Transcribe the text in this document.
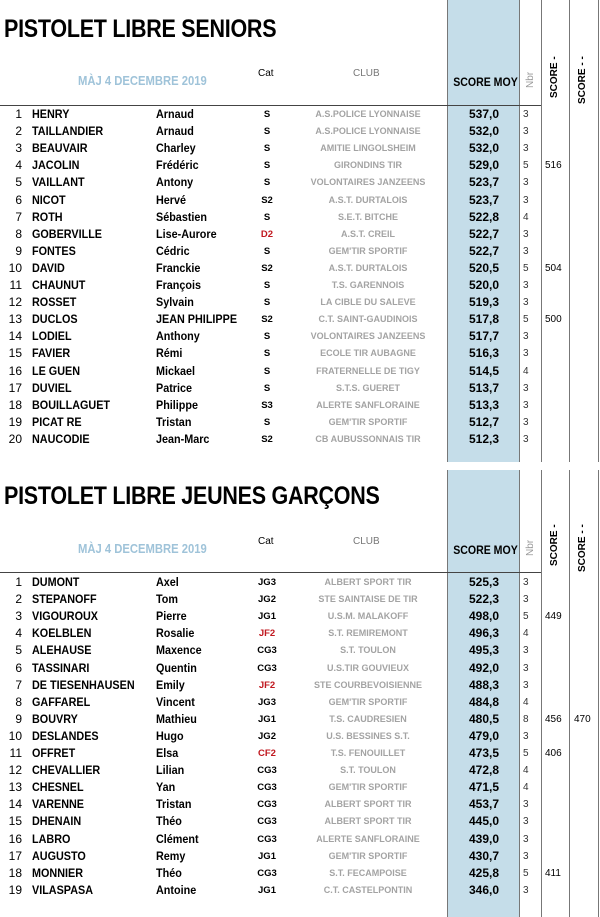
PISTOLET LIBRE SENIORS
MÀJ 4 DECEMBRE 2019
Cat	CLUB
SCORE MOY Nbr SCORE - SCORE - -
1 HENRY	Arnaud	S	A.S.POLICE LYONNAISE	537,0	3
2 TAILLANDIER	Arnaud	S	A.S.POLICE LYONNAISE	532,0	3
3 BEAUVAIR	Charley	S	AMITIE LINGOLSHEIM	532,0	3
4 JACOLIN	Frédéric	S	GIRONDINS TIR	529,0	5 516
5 VAILLANT	Antony	S	VOLONTAIRES JANZEENS	523,7	3
6 NICOT	Hervé	S2	A.S.T. DURTALOIS	523,7	3
7 ROTH	Sébastien	S	S.E.T. BITCHE	522,8	4
8 GOBERVILLE	Lise-Aurore	D2	A.S.T. CREIL	522,7	3
9 FONTES	Cédric	S	GEM'TIR SPORTIF	522,7	3
10 DAVID	Franckie	S2	A.S.T. DURTALOIS	520,5	5 504
11 CHAUNUT	François	S	T.S. GARENNOIS	520,0	3
12 ROSSET	Sylvain	S	LA CIBLE DU SALEVE	519,3	3
13 DUCLOS	JEAN PHILIPPE	S2	C.T. SAINT-GAUDINOIS	517,8	5 500
14 LODIEL	Anthony	S	VOLONTAIRES JANZEENS	517,7	3
15 FAVIER	Rémi	S	ECOLE TIR AUBAGNE	516,3	3
16 LE GUEN	Mickael	S	FRATERNELLE DE TIGY	514,5	4
17 DUVIEL	Patrice	S	S.T.S. GUERET	513,7	3
18 BOUILLAGUET	Philippe	S3	ALERTE SANFLORAINE	513,3	3
19 PICAT RE	Tristan	S	GEM'TIR SPORTIF	512,7	3
20 NAUCODIE	Jean-Marc	S2	CB AUBUSSONNAIS TIR	512,3	3
PISTOLET LIBRE JEUNES GARÇONS
MÀJ 4 DECEMBRE 2019
Cat	CLUB
SCORE MOY Nbr SCORE - SCORE - -
1 DUMONT	Axel	JG3	ALBERT SPORT TIR	525,3	3
2 STEPANOFF	Tom	JG2	STE SAINTAISE DE TIR	522,3	3
3 VIGOUROUX	Pierre	JG1	U.S.M. MALAKOFF	498,0	5 449
4 KOELBLEN	Rosalie	JF2	S.T. REMIREMONT	496,3	4
5 ALEHAUSE	Maxence	CG3	S.T. TOULON	495,3	3
6 TASSINARI	Quentin	CG3	U.S.TIR GOUVIEUX	492,0	3
7 DE TIESENHAUSEN Emily	JF2	STE COURBEVOISIENNE	488,3	3
8 GAFFAREL	Vincent	JG3	GEM'TIR SPORTIF	484,8	4
9 BOUVRY	Mathieu	JG1	T.S. CAUDRESIEN	480,5	8 456 470
10 DESLANDES	Hugo	JG2	U.S. BESSINES S.T.	479,0	3
11 OFFRET	Elsa	CF2	T.S. FENOUILLET	473,5	5 406
12 CHEVALLIER	Lilian	CG3	S.T. TOULON	472,8	4
13 CHESNEL	Yan	CG3	GEM'TIR SPORTIF	471,5	4
14 VARENNE	Tristan	CG3	ALBERT SPORT TIR	453,7	3
15 DHENAIN	Théo	CG3	ALBERT SPORT TIR	445,0	3
16 LABRO	Clément	CG3	ALERTE SANFLORAINE	439,0	3
17 AUGUSTO	Remy	JG1	GEM'TIR SPORTIF	430,7	3
18 MONNIER	Théo	CG3	S.T. FECAMPOISE	425,8	5 411
19 VILASPASA	Antoine	JG1	C.T. CASTELPONTIN	346,0	3
